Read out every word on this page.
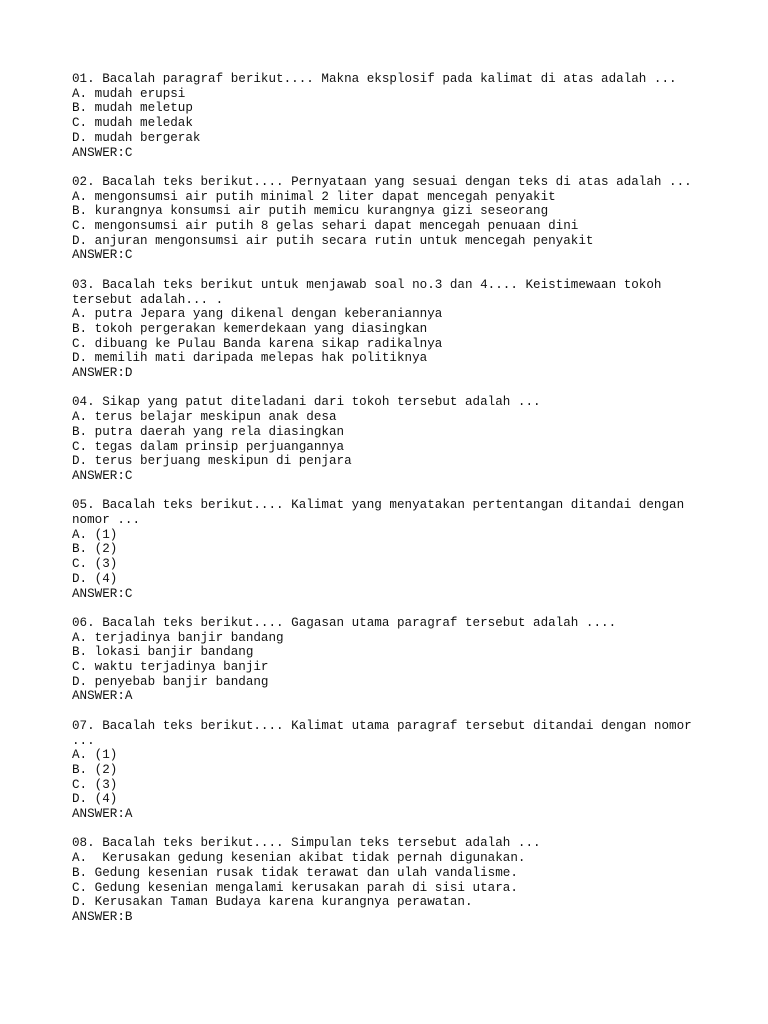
01. Bacalah paragraf berikut.... Makna eksplosif pada kalimat di atas adalah ...
A. mudah erupsi
B. mudah meletup
C. mudah meledak
D. mudah bergerak
ANSWER:C
02. Bacalah teks berikut.... Pernyataan yang sesuai dengan teks di atas adalah ...
A. mengonsumsi air putih minimal 2 liter dapat mencegah penyakit
B. kurangnya konsumsi air putih memicu kurangnya gizi seseorang
C. mengonsumsi air putih 8 gelas sehari dapat mencegah penuaan dini
D. anjuran mengonsumsi air putih secara rutin untuk mencegah penyakit
ANSWER:C
03. Bacalah teks berikut untuk menjawab soal no.3 dan 4.... Keistimewaan tokoh tersebut adalah... .
A. putra Jepara yang dikenal dengan keberaniannya
B. tokoh pergerakan kemerdekaan yang diasingkan
C. dibuang ke Pulau Banda karena sikap radikalnya
D. memilih mati daripada melepas hak politiknya
ANSWER:D
04. Sikap yang patut diteladani dari tokoh tersebut adalah ...
A. terus belajar meskipun anak desa
B. putra daerah yang rela diasingkan
C. tegas dalam prinsip perjuangannya
D. terus berjuang meskipun di penjara
ANSWER:C
05. Bacalah teks berikut.... Kalimat yang menyatakan pertentangan ditandai dengan nomor ...
A. (1)
B. (2)
C. (3)
D. (4)
ANSWER:C
06. Bacalah teks berikut.... Gagasan utama paragraf tersebut adalah ....
A. terjadinya banjir bandang
B. lokasi banjir bandang
C. waktu terjadinya banjir
D. penyebab banjir bandang
ANSWER:A
07. Bacalah teks berikut.... Kalimat utama paragraf tersebut ditandai dengan nomor ...
A. (1)
B. (2)
C. (3)
D. (4)
ANSWER:A
08. Bacalah teks berikut.... Simpulan teks tersebut adalah ...
A.  Kerusakan gedung kesenian akibat tidak pernah digunakan.
B. Gedung kesenian rusak tidak terawat dan ulah vandalisme.
C. Gedung kesenian mengalami kerusakan parah di sisi utara.
D. Kerusakan Taman Budaya karena kurangnya perawatan.
ANSWER:B
